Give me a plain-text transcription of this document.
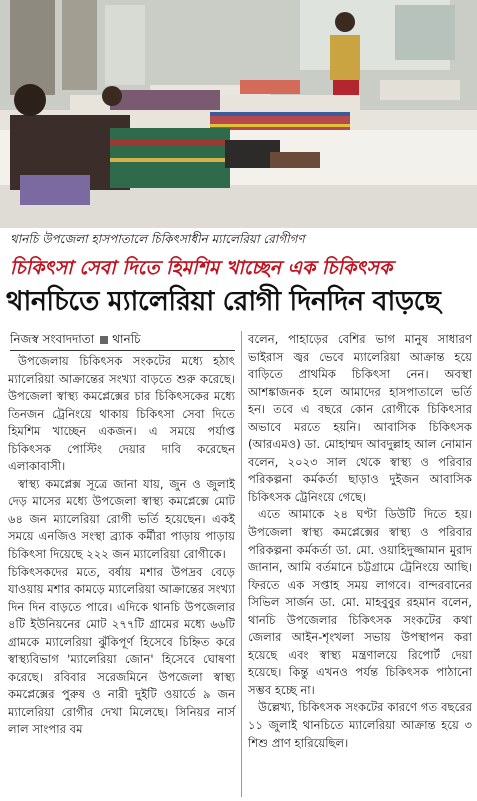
থানচি উপজেলা হাসপাতালে চিকিৎসাধীন ম্যালেরিয়া রোগীগণ
চিকিৎসা সেবা দিতে হিমশিম খাচ্ছেন এক চিকিৎসক
থানচিতে ম্যালেরিয়া রোগী দিনদিন বাড়ছে
নিজস্ব সংবাদদাতা থানচি

উপজেলায় চিকিৎসক সংকটের মধ্যে হঠাৎ ম্যালেরিয়া আক্রান্তের সংখ্যা বাড়তে শুরু করেছে। উপজেলা স্বাস্থ্য কমপ্লেক্সের চার চিকিৎসকের মধ্যে তিনজন ট্রেনিংয়ে থাকায় চিকিৎসা সেবা দিতে হিমশিম খাচ্ছেন একজন। এ সময়ে পর্যাপ্ত চিকিৎসক পোস্টিং দেয়ার দাবি করেছেন এলাকাবাসী।

স্বাস্থ্য কমপ্লেক্স সূত্রে জানা যায়, জুন ও জুলাই দেড় মাসের মধ্যে উপজেলা স্বাস্থ্য কমপ্লেক্সে মোট ৬৪ জন ম্যালেরিয়া রোগী ভর্তি হয়েছেন। একই সময়ে এনজিও সংস্থা ব্র্যাক কর্মীরা পাড়ায় পাড়ায় চিকিৎসা দিয়েছে ২২২ জন ম্যালেরিয়া রোগীকে।

চিকিৎসকদের মতে, বর্ষায় মশার উপদ্রব বেড়ে যাওয়ায় মশার কামড়ে ম্যালেরিয়া আক্রান্তের সংখ্যা দিন দিন বাড়তে পারে। এদিকে থানচি উপজেলার ৪টি ইউনিয়নের মোট ২৭৭টি গ্রামের মধ্যে ৬৬টি গ্রামকে ম্যালেরিয়া ঝুঁকিপূর্ণ হিসেবে চিহ্নিত করে স্বাস্থ্যবিভাগ 'ম্যালেরিয়া জোন' হিসেবে ঘোষণা করেছে। রবিবার সরেজমিনে উপজেলা স্বাস্থ্য কমপ্লেক্সের পুরুষ ও নারী দুইটি ওয়ার্ডে ৯ জন ম্যালেরিয়া রোগীর দেখা মিলেছে। সিনিয়র নার্স লাল সাংপার বম

বলেন, পাহাড়ের বেশির ভাগ মানুষ সাধারণ ভাইরাস জ্বর ভেবে ম্যালেরিয়া আক্রান্ত হয়ে বাড়িতে প্রাথমিক চিকিৎসা নেন। অবস্থা আশঙ্কাজনক হলে আমাদের হাসপাতালে ভর্তি হন। তবে এ বছরে কোন রোগীকে চিকিৎসার অভাবে মরতে হয়নি। আবাসিক চিকিৎসক (আরএমও) ডা. মোহাম্মদ আবদুল্লাহ আল নোমান বলেন, ২০২৩ সাল থেকে স্বাস্থ্য ও পরিবার পরিকল্পনা কর্মকর্তা ছাড়াও দুইজন আবাসিক চিকিৎসক ট্রেনিংয়ে গেছে।

এতে আমাকে ২৪ ঘণ্টা ডিউটি দিতে হয়। উপজেলা স্বাস্থ্য কমপ্লেক্সের স্বাস্থ্য ও পরিবার পরিকল্পনা কর্মকর্তা ডা. মো. ওয়াহিদুজ্জামান মুরাদ জানান, আমি বর্তমানে চট্টগ্রামে ট্রেনিংয়ে আছি। ফিরতে এক সপ্তাহ সময় লাগবে। বান্দরবানের সিভিল সার্জন ডা. মো. মাহবুবুর রহমান বলেন, থানচি উপজেলার চিকিৎসক সংকটের কথা জেলার আইন-শৃংখলা সভায় উপস্থাপন করা হয়েছে এবং স্বাস্থ্য মন্ত্রণালয়ে রিপোর্ট দেয়া হয়েছে। কিন্তু এখনও পর্যন্ত চিকিৎসক পাঠানো সম্ভব হচ্ছে না।

উল্লেখ্য, চিকিৎসক সংকটের কারণে গত বছরের ১১ জুলাই থানচিতে ম্যালেরিয়া আক্রান্ত হয়ে ৩ শিশু প্রাণ হারিয়েছিল।
